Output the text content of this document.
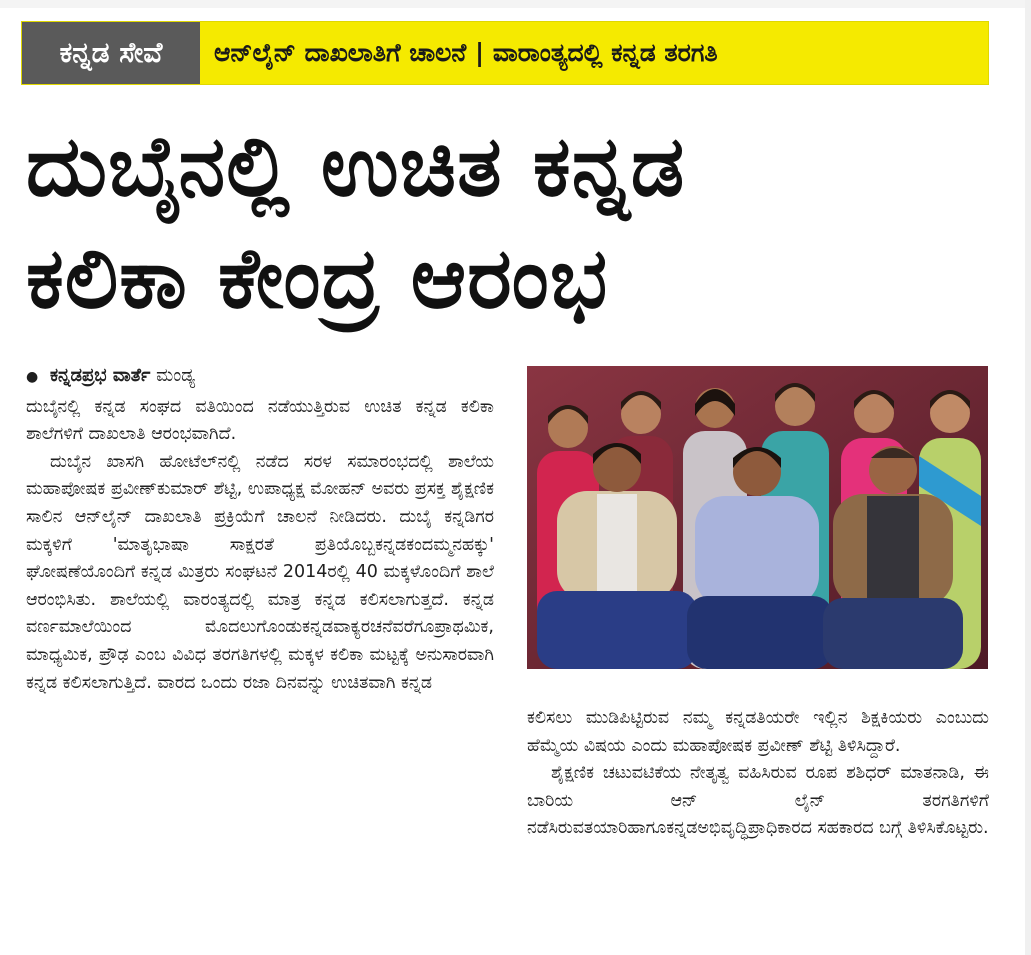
ಕನ್ನಡ ಸೇವೆ	ಆನ್‌ಲೈನ್ ದಾಖಲಾತಿಗೆ ಚಾಲನೆ | ವಾರಾಂತ್ಯದಲ್ಲಿ ಕನ್ನಡ ತರಗತಿ
ದುಬೈನಲ್ಲಿ ಉಚಿತ ಕನ್ನಡ
ಕಲಿಕಾ ಕೇಂದ್ರ ಆರಂಭ
● ಕನ್ನಡಪ್ರಭ ವಾರ್ತೆ ಮಂಡ್ಯ

ದುಬೈನಲ್ಲಿ ಕನ್ನಡ ಸಂಘದ ವತಿಯಿಂದ ನಡೆಯುತ್ತಿರುವ ಉಚಿತ ಕನ್ನಡ ಕಲಿಕಾ ಶಾಲೆಗಳಿಗೆ ದಾಖಲಾತಿ ಆರಂಭವಾಗಿದೆ.

ದುಬೈನ ಖಾಸಗಿ ಹೋಟೆಲ್‌ನಲ್ಲಿ ನಡೆದ ಸರಳ ಸಮಾರಂಭದಲ್ಲಿ ಶಾಲೆಯ ಮಹಾಪೋಷಕ ಪ್ರವೀಣ್‌ಕುಮಾರ್ ಶೆಟ್ಟಿ, ಉಪಾಧ್ಯಕ್ಷ ಮೋಹನ್ ಅವರು ಪ್ರಸಕ್ತ ಶೈಕ್ಷಣಿಕ ಸಾಲಿನ ಆನ್‌ಲೈನ್ ದಾಖಲಾತಿ ಪ್ರಕ್ರಿಯೆಗೆ ಚಾಲನೆ ನೀಡಿದರು. ದುಬೈ ಕನ್ನಡಿಗರ ಮಕ್ಕಳಿಗೆ 'ಮಾತೃಭಾಷಾ ಸಾಕ್ಷರತೆ ಪ್ರತಿಯೊಬ್ಬಕನ್ನಡಕಂದಮ್ಮನಹಕ್ಕು' ಘೋಷಣೆಯೊಂದಿಗೆ ಕನ್ನಡ ಮಿತ್ರರು ಸಂಘಟನೆ 2014ರಲ್ಲಿ 40 ಮಕ್ಕಳೊಂದಿಗೆ ಶಾಲೆ ಆರಂಭಿಸಿತು. ಶಾಲೆಯಲ್ಲಿ ವಾರಂತ್ಯದಲ್ಲಿ ಮಾತ್ರ ಕನ್ನಡ ಕಲಿಸಲಾಗುತ್ತದೆ. ಕನ್ನಡ ವರ್ಣಮಾಲೆಯಿಂದ ಮೊದಲುಗೊಂಡುಕನ್ನಡವಾಕ್ಯರಚನೆವರೆಗೂಪ್ರಾಥಮಿಕ, ಮಾಧ್ಯಮಿಕ, ಪ್ರೌಢ ಎಂಬ ವಿವಿಧ ತರಗತಿಗಳಲ್ಲಿ ಮಕ್ಕಳ ಕಲಿಕಾ ಮಟ್ಟಕ್ಕೆ ಅನುಸಾರವಾಗಿ ಕನ್ನಡ ಕಲಿಸಲಾಗುತ್ತಿದೆ. ವಾರದ ಒಂದು ರಜಾ ದಿನವನ್ನು ಉಚಿತವಾಗಿ ಕನ್ನಡ

ಕಲಿಸಲು ಮುಡಿಪಿಟ್ಟಿರುವ ನಮ್ಮ ಕನ್ನಡತಿಯರೇ ಇಲ್ಲಿನ ಶಿಕ್ಷಕಿಯರು ಎಂಬುದು ಹೆಮ್ಮೆಯ ವಿಷಯ ಎಂದು ಮಹಾಪೋಷಕ ಪ್ರವೀಣ್ ಶೆಟ್ಟಿ ತಿಳಿಸಿದ್ದಾರೆ.

ಶೈಕ್ಷಣಿಕ ಚಟುವಟಿಕೆಯ ನೇತೃತ್ವ ವಹಿಸಿರುವ ರೂಪ ಶಶಿಧರ್ ಮಾತನಾಡಿ, ಈ ಬಾರಿಯ ಆನ್ ಲೈನ್ ತರಗತಿಗಳಿಗೆ ನಡೆಸಿರುವತಯಾರಿಹಾಗೂಕನ್ನಡಅಭಿವೃದ್ಧಿಪ್ರಾಧಿಕಾರದ ಸಹಕಾರದ ಬಗ್ಗೆ ತಿಳಿಸಿಕೊಟ್ಟರು.
